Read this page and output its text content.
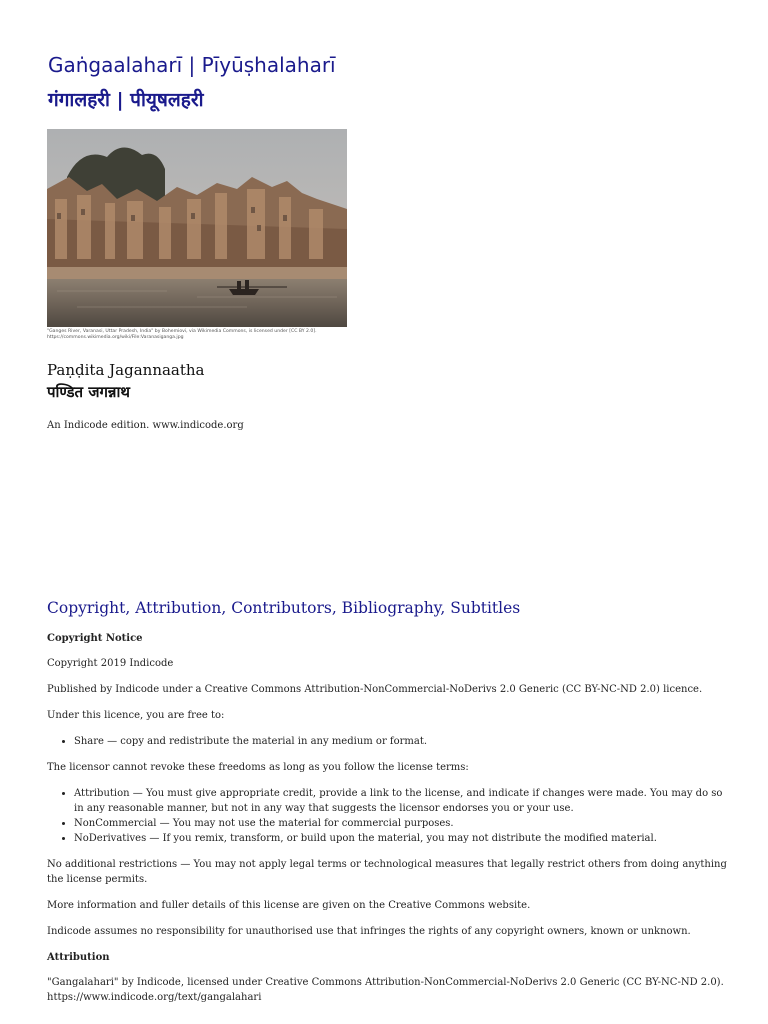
Gaṅgaalaharī | Pīyūṣhalaharī
गंगालहरी | पीयूषलहरी
"Ganges River, Varanasi, Uttar Pradesh, India" by Bohemiovi, via Wikimedia Commons, is licensed under [CC BY 2.0].
https://commons.wikimedia.org/wiki/File:Varanasiganga.jpg
Paṇḍita Jagannaatha
पण्डित जगन्नाथ
An Indicode edition. www.indicode.org
Copyright, Attribution, Contributors, Bibliography, Subtitles
Copyright Notice

Copyright 2019 Indicode

Published by Indicode under a Creative Commons Attribution-NonCommercial-NoDerivs 2.0 Generic (CC BY-NC-ND 2.0) licence.

Under this licence, you are free to:

• Share — copy and redistribute the material in any medium or format.

The licensor cannot revoke these freedoms as long as you follow the license terms:

• Attribution — You must give appropriate credit, provide a link to the license, and indicate if changes were made. You may do so in any reasonable manner, but not in any way that suggests the licensor endorses you or your use.
• NonCommercial — You may not use the material for commercial purposes.
• NoDerivatives — If you remix, transform, or build upon the material, you may not distribute the modified material.

No additional restrictions — You may not apply legal terms or technological measures that legally restrict others from doing anything the license permits.

More information and fuller details of this license are given on the Creative Commons website.

Indicode assumes no responsibility for unauthorised use that infringes the rights of any copyright owners, known or unknown.

Attribution
"Gangalahari" by Indicode, licensed under Creative Commons Attribution-NonCommercial-NoDerivs 2.0 Generic (CC BY-NC-ND 2.0).
https://www.indicode.org/text/gangalahari
